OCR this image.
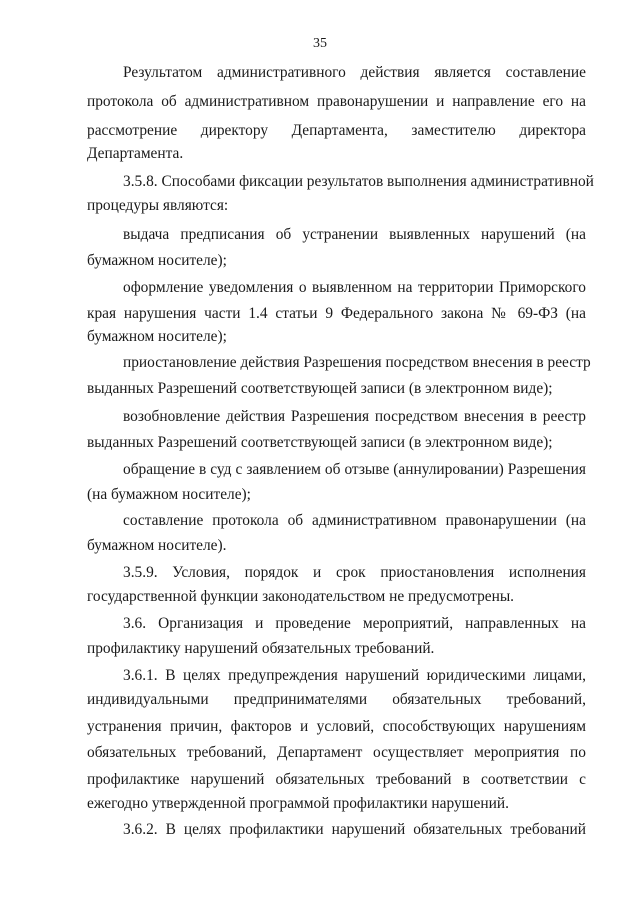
35
Результатом административного действия является составление
протокола об административном правонарушении и направление его на
рассмотрение директору Департамента, заместителю директора
Департамента.
3.5.8. Способами фиксации результатов выполнения административной
процедуры являются:
выдача предписания об устранении выявленных нарушений (на
бумажном носителе);
оформление уведомления о выявленном на территории Приморского
края нарушения части 1.4 статьи 9 Федерального закона № 69-ФЗ (на
бумажном носителе);
приостановление действия Разрешения посредством внесения в реестр
выданных Разрешений соответствующей записи (в электронном виде);
возобновление действия Разрешения посредством внесения в реестр
выданных Разрешений соответствующей записи (в электронном виде);
обращение в суд с заявлением об отзыве (аннулировании) Разрешения
(на бумажном носителе);
составление протокола об административном правонарушении (на
бумажном носителе).
3.5.9. Условия, порядок и срок приостановления исполнения
государственной функции законодательством не предусмотрены.
3.6. Организация и проведение мероприятий, направленных на
профилактику нарушений обязательных требований.
3.6.1. В целях предупреждения нарушений юридическими лицами,
индивидуальными предпринимателями обязательных требований,
устранения причин, факторов и условий, способствующих нарушениям
обязательных требований, Департамент осуществляет мероприятия по
профилактике нарушений обязательных требований в соответствии с
ежегодно утвержденной программой профилактики нарушений.
3.6.2. В целях профилактики нарушений обязательных требований
